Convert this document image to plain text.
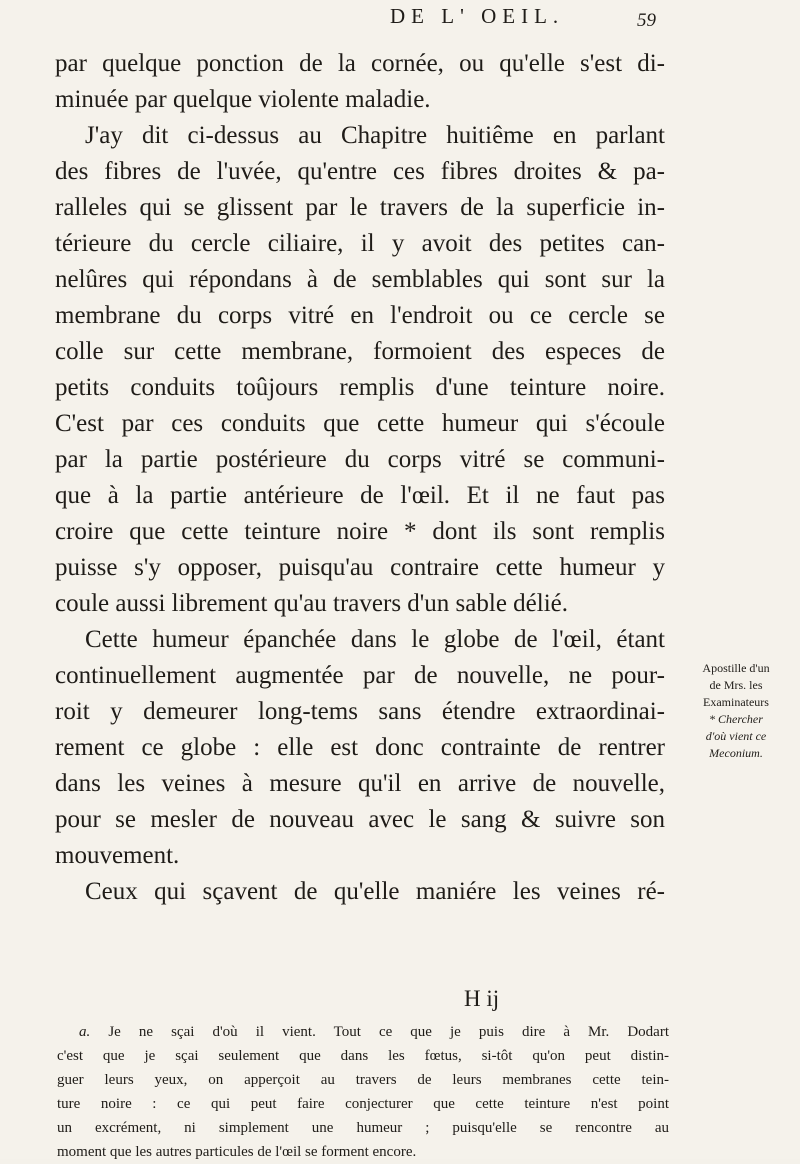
DE L' OEIL.	59
par quelque ponction de la cornée, ou qu'elle s'est di-
minuée par quelque violente maladie.
J'ay dit ci-dessus au Chapitre huitiême en parlant
des fibres de l'uvée, qu'entre ces fibres droites & pa-
ralleles qui se glissent par le travers de la superficie in-
térieure du cercle ciliaire, il y avoit des petites can-
nelûres qui répondans à de semblables qui sont sur la
membrane du corps vitré en l'endroit ou ce cercle se
colle sur cette membrane, formoient des especes de
petits conduits toûjours remplis d'une teinture noire.
C'est par ces conduits que cette humeur qui s'écoule
par la partie postérieure du corps vitré se communi-
que à la partie antérieure de l'œil. Et il ne faut pas
croire que cette teinture noire * dont ils sont remplis
puisse s'y opposer, puisqu'au contraire cette humeur y
coule aussi librement qu'au travers d'un sable délié.
Cette humeur épanchée dans le globe de l'œil, étant
continuellement augmentée par de nouvelle, ne pour-
roit y demeurer long-tems sans étendre extraordinai-
rement ce globe : elle est donc contrainte de rentrer
dans les veines à mesure qu'il en arrive de nouvelle,
pour se mesler de nouveau avec le sang & suivre son
mouvement.
Ceux qui sçavent de qu'elle maniére les veines ré-
Apostille d'un
de Mrs. les
Examinateurs
* Chercher
d'où vient ce
Meconium.
H ij
a. Je ne sçai d'où il vient. Tout ce que je puis dire à Mr. Dodart
c'est que je sçai seulement que dans les fœtus, si-tôt qu'on peut distin-
guer leurs yeux, on apperçoit au travers de leurs membranes cette tein-
ture noire : ce qui peut faire conjecturer que cette teinture n'est point
un excrément, ni simplement une humeur ; puisqu'elle se rencontre au
moment que les autres particules de l'œil se forment encore.
